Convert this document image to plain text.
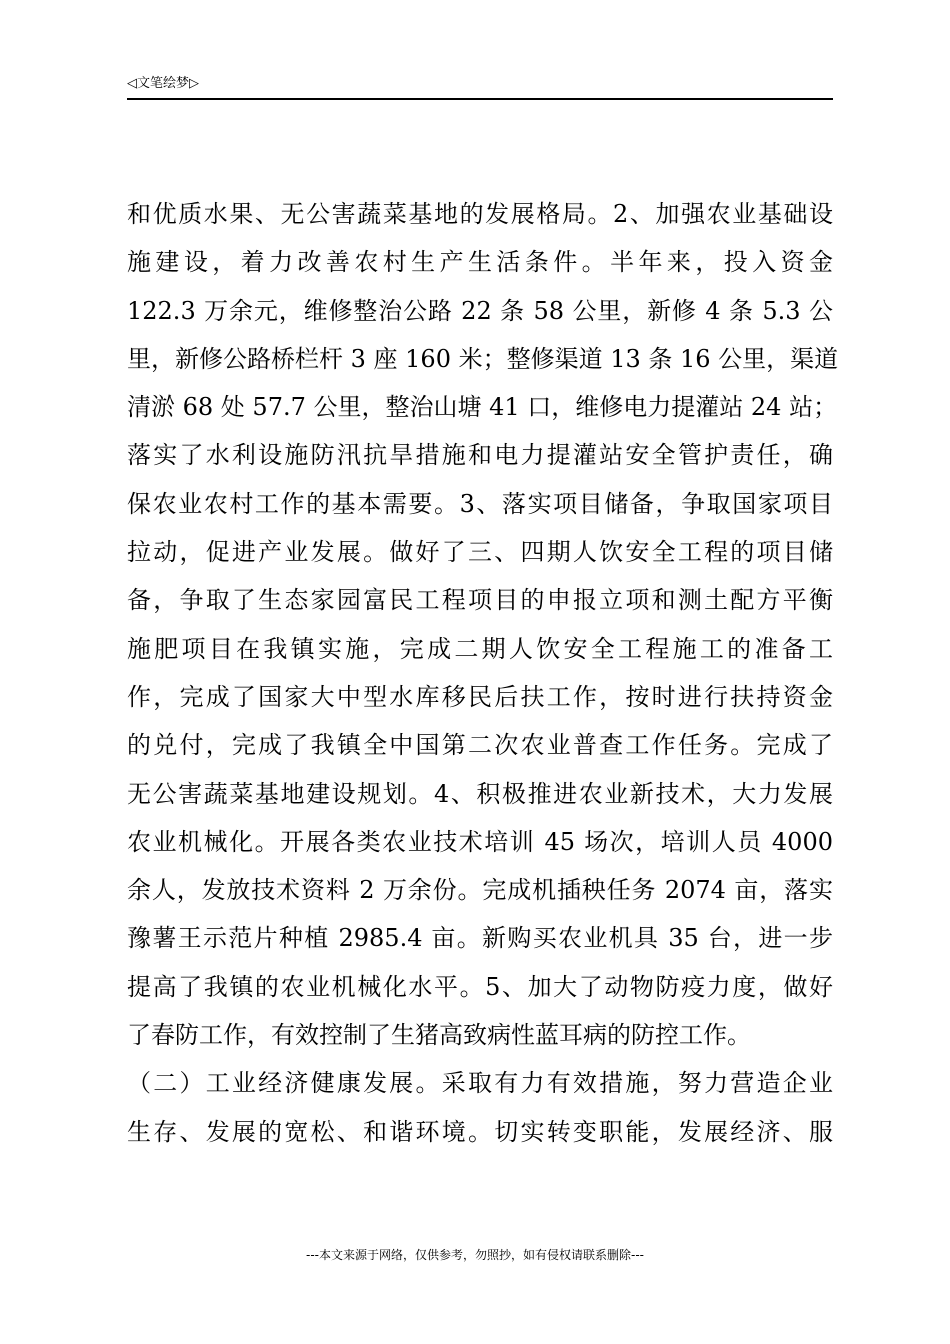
◁文笔绘梦▷
和优质水果、无公害蔬菜基地的发展格局。2、加强农业基础设
施建设，着力改善农村生产生活条件。半年来，投入资金
122.3 万余元，维修整治公路 22 条 58 公里，新修 4 条 5.3 公
里，新修公路桥栏杆 3 座 160 米；整修渠道 13 条 16 公里，渠道
清淤 68 处 57.7 公里，整治山塘 41 口，维修电力提灌站 24 站；
落实了水利设施防汛抗旱措施和电力提灌站安全管护责任，确
保农业农村工作的基本需要。3、落实项目储备，争取国家项目
拉动，促进产业发展。做好了三、四期人饮安全工程的项目储
备，争取了生态家园富民工程项目的申报立项和测土配方平衡
施肥项目在我镇实施，完成二期人饮安全工程施工的准备工
作，完成了国家大中型水库移民后扶工作，按时进行扶持资金
的兑付，完成了我镇全中国第二次农业普查工作任务。完成了
无公害蔬菜基地建设规划。4、积极推进农业新技术，大力发展
农业机械化。开展各类农业技术培训 45 场次，培训人员 4000
余人，发放技术资料 2 万余份。完成机插秧任务 2074 亩，落实
豫薯王示范片种植 2985.4 亩。新购买农业机具 35 台，进一步
提高了我镇的农业机械化水平。5、加大了动物防疫力度，做好
了春防工作，有效控制了生猪高致病性蓝耳病的防控工作。
（二）工业经济健康发展。采取有力有效措施，努力营造企业
生存、发展的宽松、和谐环境。切实转变职能，发展经济、服
---本文来源于网络，仅供参考，勿照抄，如有侵权请联系删除---
